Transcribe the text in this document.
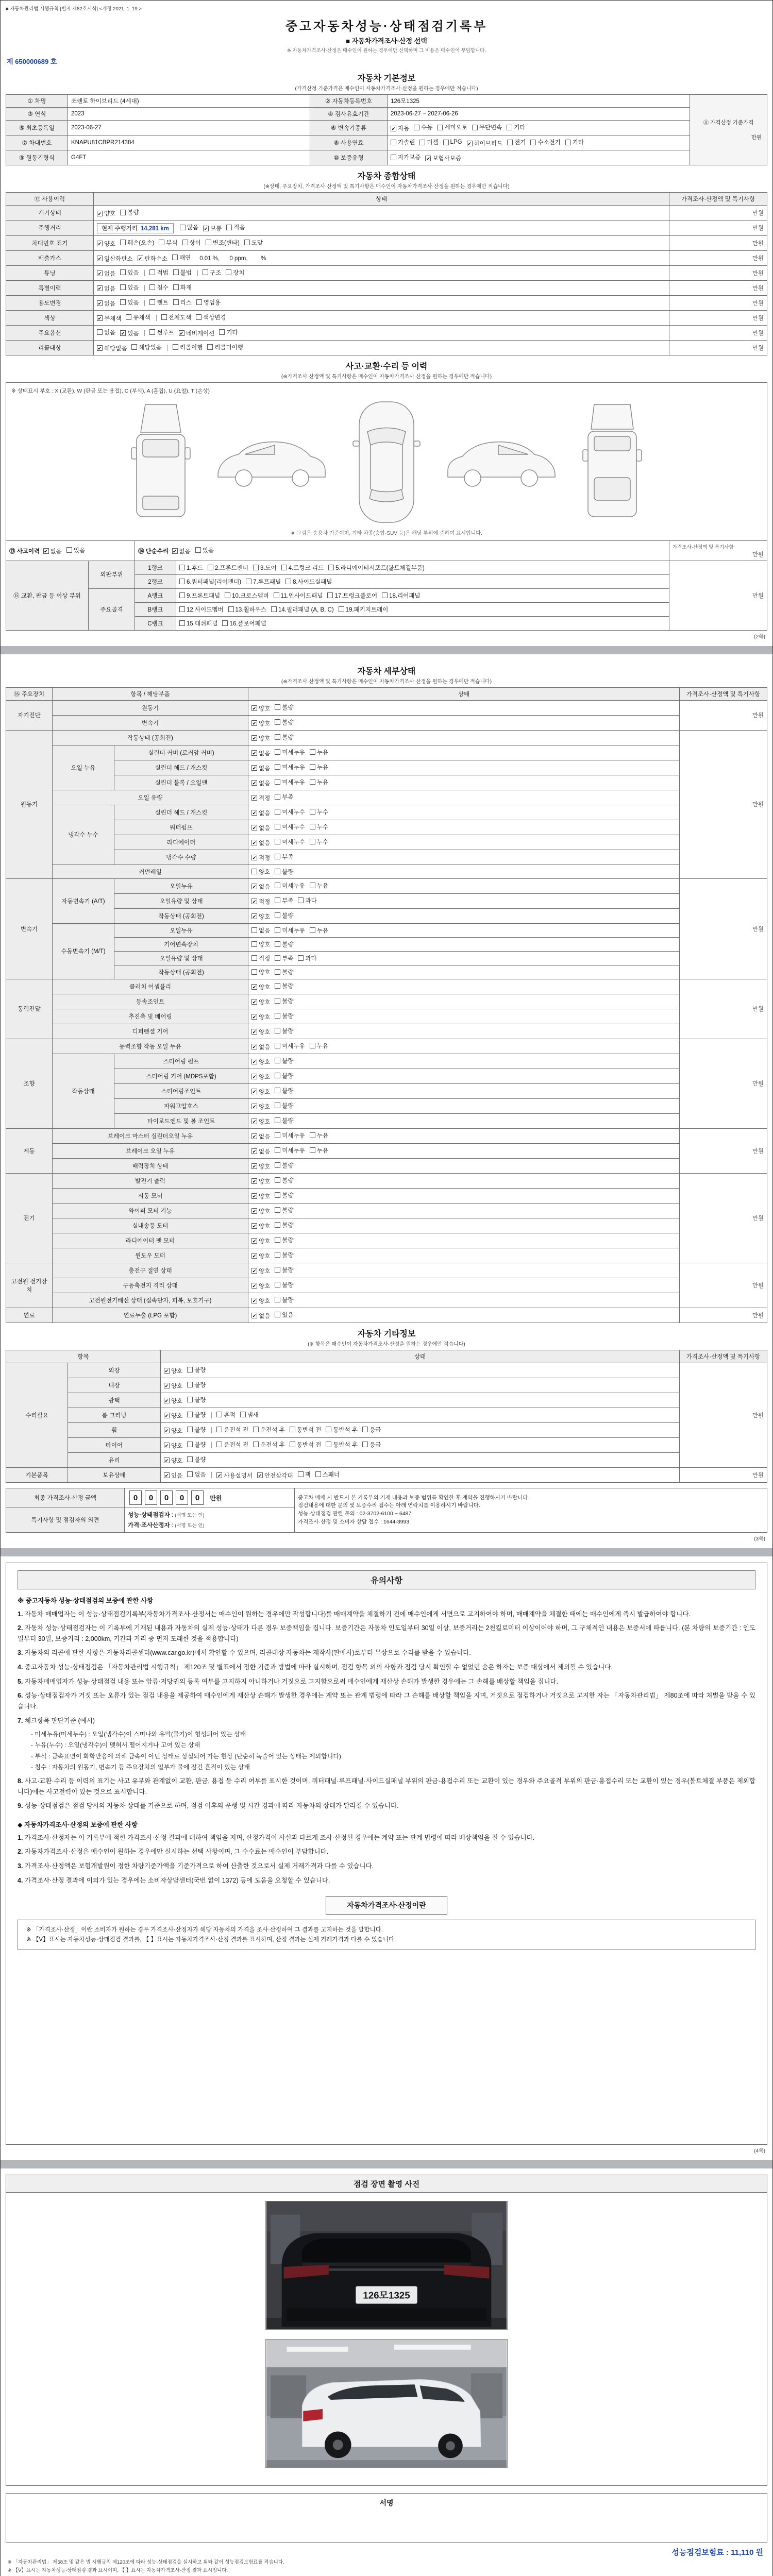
■ 자동차관리법 시행규칙 [별지 제82호서식] <개정 2021. 1. 19.>
중고자동차성능·상태점검기록부
■ 자동차가격조사·산정 선택
※ 자동차가격조사·산정은 매수인이 원하는 경우에만 선택하며 그 비용은 매수인이 부담합니다.
제 650000689 호
자동차 기본정보
(가격산정 기준가격은 매수인이 자동차가격조사·산정을 원하는 경우에만 적습니다)
① 차명	쏘렌토 하이브리드 (4세대)	② 자동차등록번호	126모1325	⑪ 가격산정 기준가격
만원

③ 연식	2023	④ 검사유효기간	2023-06-27 ~ 2027-06-26	
⑤ 최초등록일	2023-06-27	⑥ 변속기종류	✔ 자동 수동 세미오토 무단변속 기타

⑦ 차대번호	KNAPU81CBPR214384	⑧ 사용연료	가솔린 디젤 LPG ✔ 하이브리드 전기 수소전기 기타

⑨ 원동기형식	G4FT	⑩ 보증유형	자가보증 ✔ 보험사보증	
자동차 종합상태
(※상태, 주요장치, 가격조사·산정액 및 특기사항은 매수인이 자동차가격조사·산정을 원하는 경우에만 적습니다)
⑫ 사용이력	상태	가격조사·산정액 및 특기사항
계기상태	✔ 양호 불량	만원
주행거리	현재 주행거리 14,281 km 많음 ✔ 보통 적음	만원
차대번호 표기	✔ 양호 훼손(오손) 부식 상이 변조(변타) 도말	만원
배출가스	✔ 일산화탄소 ✔ 탄화수소 매연 0.01 %,      0 ppm,        %	만원
튜닝	✔ 없음 있음	적법 불법	구조 장치	만원
특별이력	✔ 없음 있음 침수 화재	만원
용도변경	✔ 없음 있음	렌트 리스 영업용	만원
색상	✔ 무채색 유채색 전체도색 색상변경	만원
주요옵션	없음 ✔ 있음	썬루프 ✔ 네비게이션 기타	만원
리콜대상	✔ 해당없음 해당있음 리콜이행 리콜미이행	만원
사고·교환·수리 등 이력
(※가격조사·산정액 및 특기사항은 매수인이 자동차가격조사·산정을 원하는 경우에만 적습니다)
※ 상태표시 부호 : X (교환), W (판금 또는 용접), C (부식), A (흠집), U (요철), T (손상)
※ 그림은 승용차 기준이며, 기타 차종(승합·SUV 등)은 해당 부위에 준하여 표시합니다.
⑬ 사고이력 ✔ 없음 있음	⑭ 단순수리 ✔ 없음 있음

가격조사·산정액 및 특기사항
만원

⑮ 교환, 판금 등 이상 부위	외판부위	1랭크	1.후드 2.프론트펜더 3.도어 4.트렁크 리드 5.라디에이터서포트(볼트체결부품)	만원
		2랭크	6.쿼터패널(리어펜더) 7.루프패널 8.사이드실패널	

	주요골격	A랭크	9.프론트패널 10.크로스멤버 11.인사이드패널 17.트렁크플로어 18.리어패널	

		B랭크	12.사이드멤버 13.휠하우스 14.필러패널 (A, B, C) 19.패키지트레이	

		C랭크	15.대쉬패널 16.플로어패널	
(2쪽)
자동차 세부상태
(※가격조사·산정액 및 특기사항은 매수인이 자동차가격조사·산정을 원하는 경우에만 적습니다)
⑯ 주요장치	항목 / 해당부품		상태	가격조사·산정액 및 특기사항
자기진단	원동기		✔ 양호 불량	만원
	변속기		✔ 양호 불량	

원동기	작동상태 (공회전)		✔ 양호 불량	만원
	오일 누유	실린더 커버 (로커암 커버)	✔ 없음 미세누유 누유	

		실린더 헤드 / 개스킷	✔ 없음 미세누유 누유	

		실린더 블록 / 오일팬	✔ 없음 미세누유 누유	

	오일 유량		✔ 적정 부족	

	냉각수 누수	실린더 헤드 / 개스킷	✔ 없음 미세누수 누수	

		워터펌프	✔ 없음 미세누수 누수	

		라디에이터	✔ 없음 미세누수 누수	

		냉각수 수량	✔ 적정 부족	

	커먼레일		양호 불량	

변속기	자동변속기 (A/T)	오일누유	✔ 없음 미세누유 누유	만원
		오일유량 및 상태	✔ 적정 부족 과다	

		작동상태 (공회전)	✔ 양호 불량	

	수동변속기 (M/T)	오일누유	없음 미세누유 누유	

		기어변속장치	양호 불량	

		오일유량 및 상태	적정 부족 과다	

		작동상태 (공회전)	양호 불량	

동력전달	클러치 어셈블리		✔ 양호 불량	만원
	등속조인트		✔ 양호 불량	

	추진축 및 베어링		✔ 양호 불량	

	디퍼렌셜 기어		✔ 양호 불량	

조향	동력조향 작동 오일 누유		✔ 없음 미세누유 누유	만원
	작동상태	스티어링 펌프	✔ 양호 불량	

		스티어링 기어 (MDPS포함)	✔ 양호 불량	

		스티어링조인트	✔ 양호 불량	

		파워고압호스	✔ 양호 불량	

		타이로드엔드 및 볼 조인트	✔ 양호 불량	

제동	브레이크 마스터 실린더오일 누유		✔ 없음 미세누유 누유	만원
	브레이크 오일 누유		✔ 없음 미세누유 누유	

	배력장치 상태		✔ 양호 불량	

전기	발전기 출력		✔ 양호 불량	만원
	시동 모터		✔ 양호 불량	

	와이퍼 모터 기능		✔ 양호 불량	

	실내송풍 모터		✔ 양호 불량	

	라디에이터 팬 모터		✔ 양호 불량	

	윈도우 모터		✔ 양호 불량	

고전원 전기장치	충전구 절연 상태		✔ 양호 불량	만원
	구동축전지 격리 상태		✔ 양호 불량	

	고전원전기배선 상태 (접속단자, 피복, 보호기구)		✔ 양호 불량	

연료	연료누출 (LPG 포함)		✔ 없음 있음	만원
자동차 기타정보
(※ 항목은 매수인이 자동차가격조사·산정을 원하는 경우에만 적습니다)
항목		상태	가격조사·산정액 및 특기사항
수리필요	외장	✔ 양호 불량	만원
	내장	✔ 양호 불량	

	광택	✔ 양호 불량	

	룸 크리닝	✔ 양호 불량 흔적 냄새	

휠	✔ 양호 불량	운전석 전 운전석 후 동반석 전 동반석 후 응급

타이어	✔ 양호 불량	운전석 전 운전석 후 동반석 전 동반석 후 응급

	유리	✔ 양호 불량	

기본품목	보유상태	✔ 있음 없음	✔ 사용설명서 ✔ 안전삼각대 잭 스패너	만원
최종 가격조사·산정 금액	0 0 0 0 0 만원	중고차 매매 시 반드시 본 기록부의 기재 내용과 보증 범위를 확인한 후 계약을 진행하시기 바랍니다.
점검내용에 대한 문의 및 보증수리 접수는 아래 연락처를 이용하시기 바랍니다.
성능·상태점검 관련 문의 : 02-3702-6100 ~ 6487
가격조사·산정 및 소비자 상담 접수 : 1644-3993

특기사항 및 점검자의 의견	성능·상태점검자 : (서명 또는 인)
가격·조사산정자 : (서명 또는 인)	
(3쪽)
유의사항
※ 중고자동차 성능·상태점검의 보증에 관한 사항
1. 자동차 매매업자는 이 성능·상태점검기록부(자동차가격조사·산정서는 매수인이 원하는 경우에만 작성합니다)를 매매계약을 체결하기 전에 매수인에게 서면으로 고지하여야 하며, 매매계약을 체결한 때에는 매수인에게 즉시 발급하여야 합니다.
2. 자동차 성능·상태점검자는 이 기록부에 기재된 내용과 자동차의 실제 성능·상태가 다른 경우 보증책임을 집니다. 보증기간은 자동차 인도일부터 30일 이상, 보증거리는 2천킬로미터 이상이어야 하며, 그 구체적인 내용은 보증서에 따릅니다. (본 차량의 보증기간 : 인도일부터 30일, 보증거리 : 2,000km, 기간과 거리 중 먼저 도래한 것을 적용합니다)
3. 자동차의 리콜에 관한 사항은 자동차리콜센터(www.car.go.kr)에서 확인할 수 있으며, 리콜대상 자동차는 제작사(판매사)로부터 무상으로 수리를 받을 수 있습니다.
4. 중고자동차 성능·상태점검은 「자동차관리법 시행규칙」 제120조 및 별표에서 정한 기준과 방법에 따라 실시하며, 점검 항목 외의 사항과 점검 당시 확인할 수 없었던 숨은 하자는 보증 대상에서 제외될 수 있습니다.
5. 자동차매매업자가 성능·상태점검 내용 또는 압류·저당권의 등록 여부를 고지하지 아니하거나 거짓으로 고지함으로써 매수인에게 재산상 손해가 발생한 경우에는 그 손해를 배상할 책임을 집니다.
6. 성능·상태점검자가 거짓 또는 오류가 있는 점검 내용을 제공하여 매수인에게 재산상 손해가 발생한 경우에는 계약 또는 관계 법령에 따라 그 손해를 배상할 책임을 지며, 거짓으로 점검하거나 거짓으로 고지한 자는 「자동차관리법」 제80조에 따라 처벌을 받을 수 있습니다.
7. 체크항목 판단기준 (예시)
- 미세누유(미세누수) : 오일(냉각수)이 스며나와 유막(물기)이 형성되어 있는 상태
- 누유(누수) : 오일(냉각수)이 맺혀서 떨어지거나 고여 있는 상태
- 부식 : 금속표면이 화학반응에 의해 금속이 아닌 상태로 상실되어 가는 현상 (단순히 녹슬어 있는 상태는 제외합니다)
- 침수 : 자동차의 원동기, 변속기 등 주요장치의 일부가 물에 잠긴 흔적이 있는 상태
8. 사고·교환·수리 등 이력의 표기는 사고 유무와 관계없이 교환, 판금, 용접 등 수리 여부를 표시한 것이며, 쿼터패널·루프패널·사이드실패널 부위의 판금·용접수리 또는 교환이 있는 경우와 주요골격 부위의 판금·용접수리 또는 교환이 있는 경우(볼트체결 부품은 제외합니다)에는 사고전력이 있는 것으로 표시합니다.
9. 성능·상태점검은 점검 당시의 자동차 상태를 기준으로 하며, 점검 이후의 운행 및 시간 경과에 따라 자동차의 상태가 달라질 수 있습니다.
◆ 자동차가격조사·산정의 보증에 관한 사항
1. 가격조사·산정자는 이 기록부에 적힌 가격조사·산정 결과에 대하여 책임을 지며, 산정가격이 사실과 다르게 조사·산정된 경우에는 계약 또는 관계 법령에 따라 배상책임을 질 수 있습니다.
2. 자동차가격조사·산정은 매수인이 원하는 경우에만 실시하는 선택 사항이며, 그 수수료는 매수인이 부담합니다.
3. 가격조사·산정액은 보험개발원이 정한 차량기준가액을 기준가격으로 하여 산출한 것으로서 실제 거래가격과 다를 수 있습니다.
4. 가격조사·산정 결과에 이의가 있는 경우에는 소비자상담센터(국번 없이 1372) 등에 도움을 요청할 수 있습니다.
자동차가격조사·산정이란
※ 「가격조사·산정」이란 소비자가 원하는 경우 가격조사·산정자가 해당 자동차의 가격을 조사·산정하여 그 결과를 고지하는 것을 말합니다.
※ 【V】표시는 자동차성능·상태점검 결과를, 【 】표시는 자동차가격조사·산정 결과를 표시하며, 산정 결과는 실제 거래가격과 다를 수 있습니다.
(4쪽)
점검 장면 촬영 사진
126모1325
서명
성능점검보험료 : 11,110 원
※ 「자동차관리법」 제58조 및 같은 법 시행규칙 제120조에 따라 성능·상태점검을 실시하고 위와 같이 성능점검보험료를 적습니다.
※ 【V】표시는 자동차성능·상태점검 결과 표시이며, 【 】표시는 자동차가격조사·산정 결과 표시입니다.
